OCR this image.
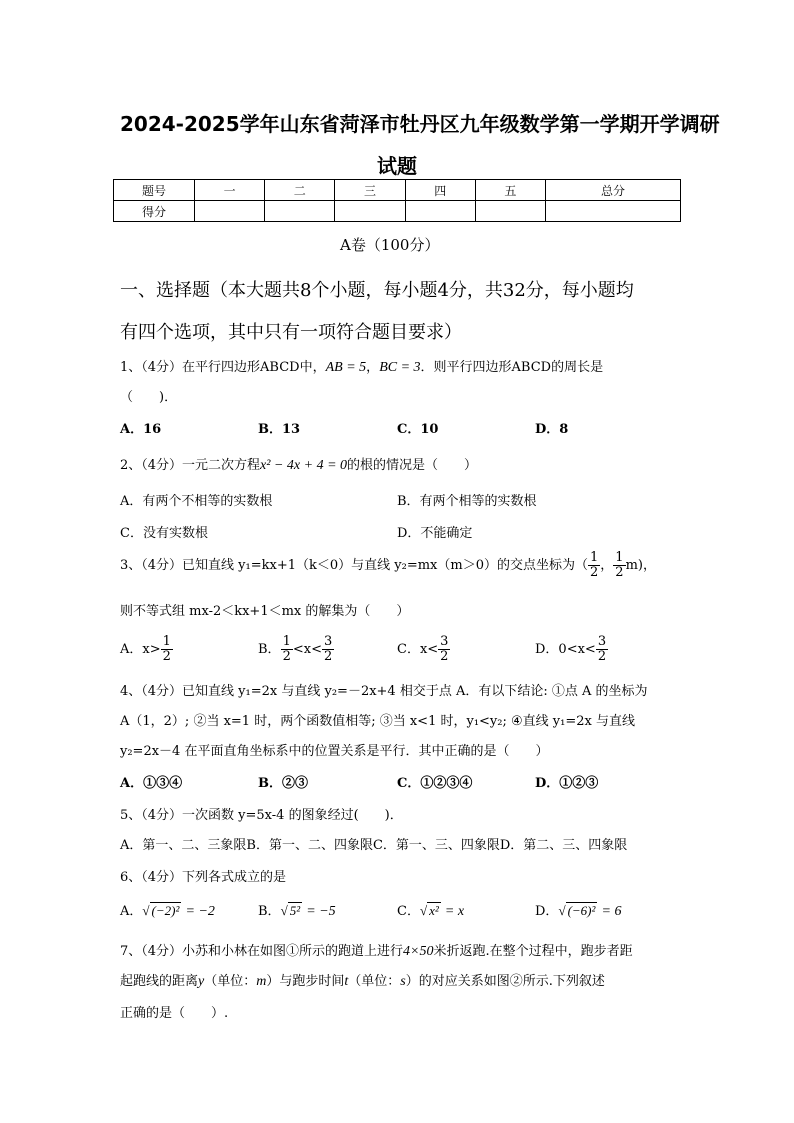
2024-2025学年山东省菏泽市牡丹区九年级数学第一学期开学调研
试题
题号	一	二	三	四	五	总分
得分						
A卷（100分）
一、选择题（本大题共8个小题，每小题4分，共32分，每小题均
有四个选项，其中只有一项符合题目要求）
1、（4分）在平行四边形ABCD中，AB = 5，BC = 3．则平行四边形ABCD的周长是
（　　)．
A．16	B．13	C．10	D．8
2、（4分）一元二次方程x² − 4x + 4 = 0的根的情况是（　　）
A．有两个不相等的实数根	B．有两个相等的实数根
C．没有实数根	D．不能确定
3、（4分）已知直线 y₁=kx+1（k＜0）与直线 y₂=mx（m＞0）的交点坐标为（ $\frac{1}{2}$ ， $\frac{1}{2} m$)，
则不等式组 mx-2＜kx+1＜mx 的解集为（　　）
A．$x> \frac{1}{2}$	B． $\frac{1}{2} <x< \frac{3}{2}$	C．$x< \frac{3}{2}$	D．$0<x< \frac{3}{2}$
4、（4分）已知直线 y₁=2x 与直线 y₂=－2x+4 相交于点 A．有以下结论: ①点 A 的坐标为
A（1，2）; ②当 x=1 时，两个函数值相等; ③当 x<1 时，y₁<y₂; ④直线 y₁=2x 与直线
y₂=2x－4 在平面直角坐标系中的位置关系是平行．其中正确的是（　　）
A．①③④	B．②③	C．①②③④	D．①②③
5、（4分）一次函数 y=5x-4 的图象经过(　　)．
A．第一、二、三象限B．第一、二、四象限C．第一、三、四象限D．第二、三、四象限
6、（4分）下列各式成立的是
A．√ (−2)² = −2	B．√ 5² = −5	C．√ x² = x	D．√ (−6)² = 6
7、（4分）小苏和小林在如图①所示的跑道上进行4×50米折返跑.在整个过程中，跑步者距
起跑线的距离y（单位：m）与跑步时间t（单位：s）的对应关系如图②所示.下列叙述
正确的是（　　）.
